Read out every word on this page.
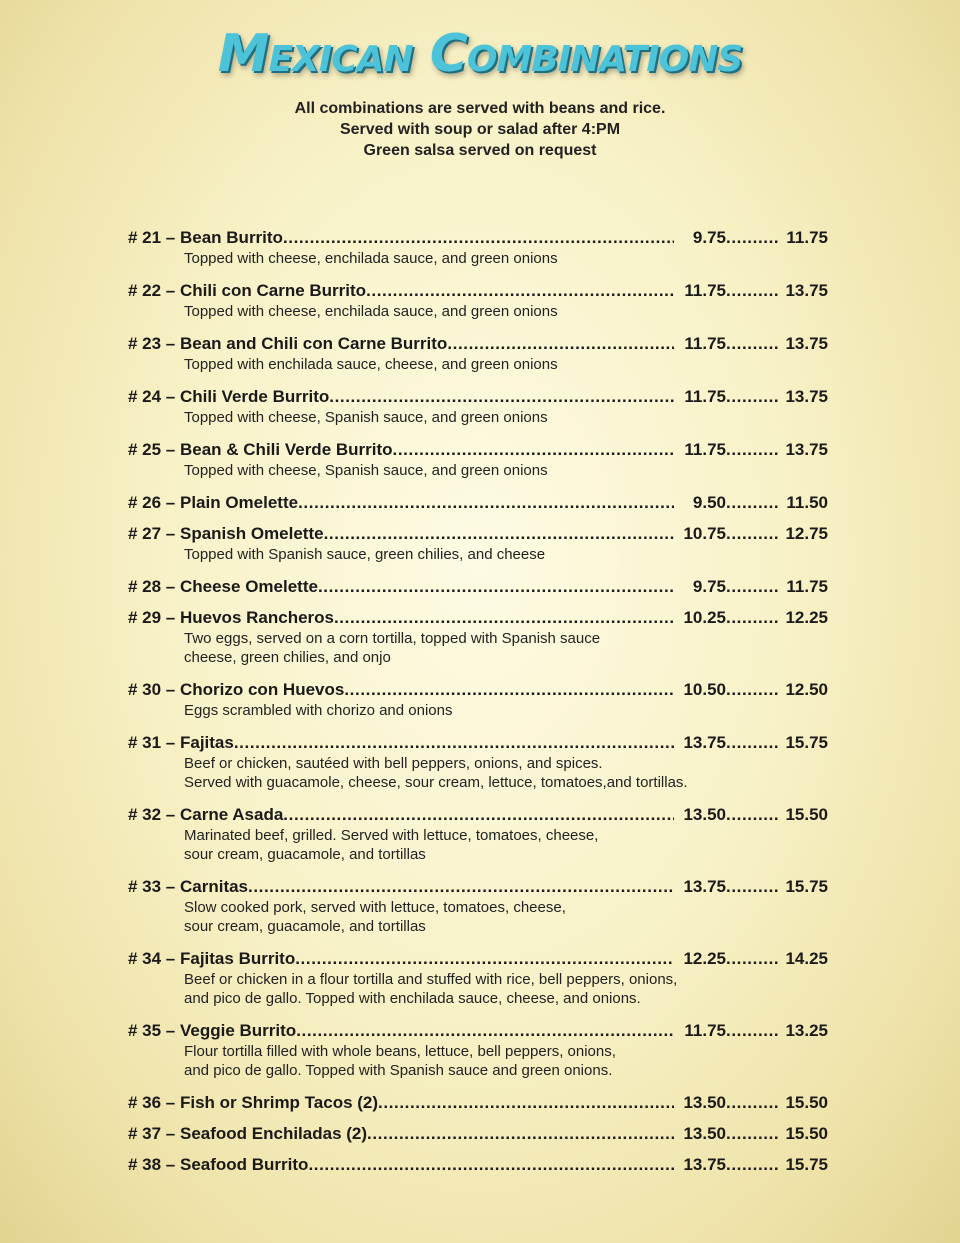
Mexican Combinations
All combinations are served with beans and rice.
Served with soup or salad after 4:PM
Green salsa served on request
# 21 – Bean Burrito .....	9.75 .....	11.75
Topped with cheese, enchilada sauce, and green onions
# 22 – Chili con Carne Burrito .....	11.75 .....	13.75
Topped with cheese, enchilada sauce, and green onions
# 23 – Bean and Chili con Carne Burrito .....	11.75 .....	13.75
Topped with enchilada sauce, cheese, and green onions
# 24 – Chili Verde Burrito .....	11.75 .....	13.75
Topped with cheese, Spanish sauce, and green onions
# 25 – Bean & Chili Verde Burrito .....	11.75 .....	13.75
Topped with cheese, Spanish sauce, and green onions
# 26 – Plain Omelette .....	9.50 .....	11.50
# 27 – Spanish Omelette .....	10.75 .....	12.75
Topped with Spanish sauce, green chilies, and cheese
# 28 – Cheese Omelette .....	9.75 .....	11.75
# 29 – Huevos Rancheros .....	10.25 .....	12.25
Two eggs, served on a corn tortilla, topped with Spanish sauce
cheese, green chilies, and onjo
# 30 – Chorizo con Huevos .....	10.50 .....	12.50
Eggs scrambled with chorizo and onions
# 31 – Fajitas .....	13.75 .....	15.75
Beef or chicken, sautéed with bell peppers, onions, and spices.
Served with guacamole, cheese, sour cream, lettuce, tomatoes,and tortillas.
# 32 – Carne Asada .....	13.50 .....	15.50
Marinated beef, grilled. Served with lettuce, tomatoes, cheese,
sour cream, guacamole, and tortillas
# 33 – Carnitas .....	13.75 .....	15.75
Slow cooked pork, served with lettuce, tomatoes, cheese,
sour cream, guacamole, and tortillas
# 34 – Fajitas Burrito .....	12.25 .....	14.25
Beef or chicken in a flour tortilla and stuffed with rice, bell peppers, onions,
and pico de gallo. Topped with enchilada sauce, cheese, and onions.
# 35 – Veggie Burrito .....	11.75 .....	13.25
Flour tortilla filled with whole beans, lettuce, bell peppers, onions,
and pico de gallo. Topped with Spanish sauce and green onions.
# 36 – Fish or Shrimp Tacos (2) .....	13.50 .....	15.50
# 37 – Seafood Enchiladas (2) .....	13.50 .....	15.50
# 38 – Seafood Burrito .....	13.75 .....	15.75
